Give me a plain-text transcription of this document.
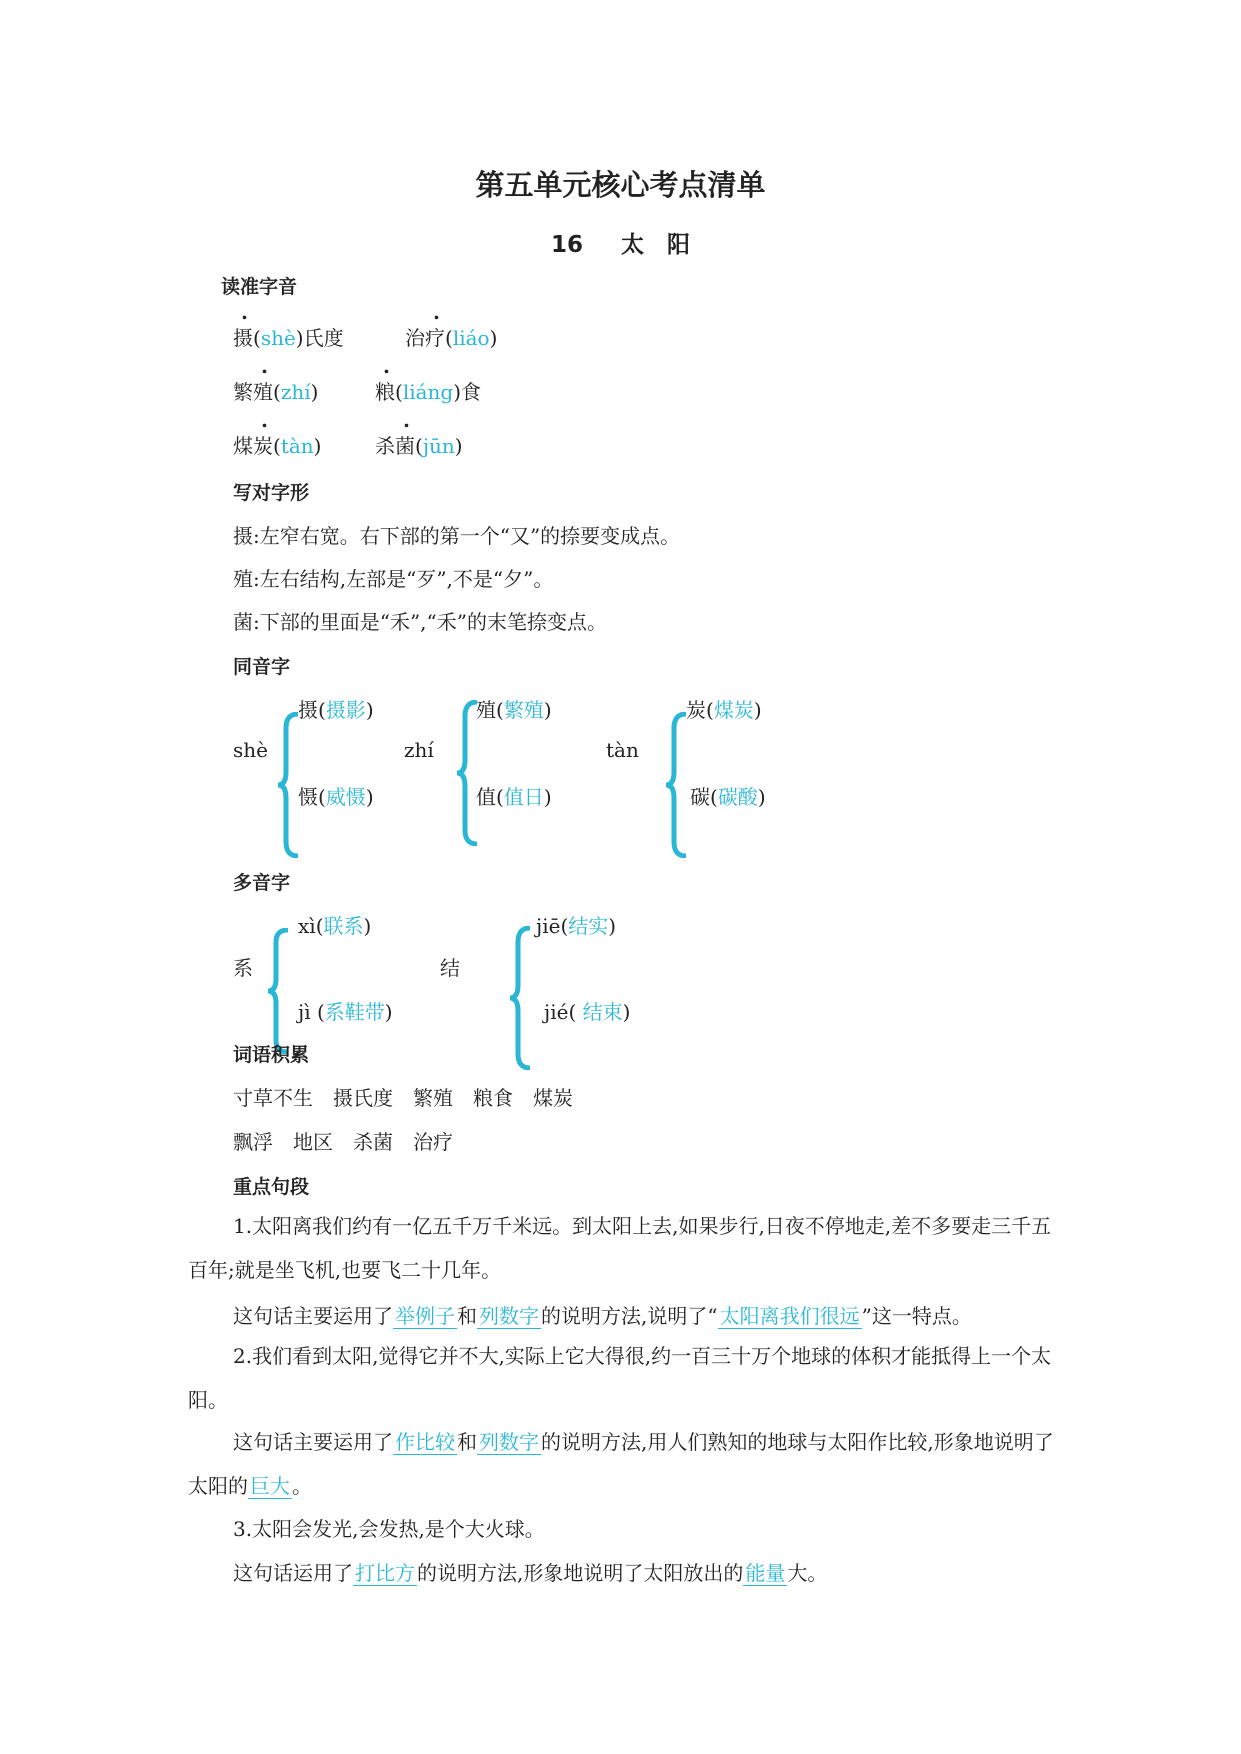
第五单元核心考点清单
16 太　阳
读准字音
摄(shè)氏度	治疗(liáo)
繁殖(zhí)	粮(liáng)食
煤炭(tàn)	杀菌(jūn)
写对字形
摄:左窄右宽。右下部的第一个“又”的捺要变成点。
殖:左右结构,左部是“歹”,不是“夕”。
菌:下部的里面是“禾”,“禾”的末笔捺变点。
同音字
shè
摄(摄影)
慑(威慑)
zhí
殖(繁殖)
值(值日)
tàn
炭(煤炭)
碳(碳酸)
多音字
系
xì(联系)
jì (系鞋带)
结
jiē(结实)
jié( 结束)
词语积累
寸草不生　摄氏度　繁殖　粮食　煤炭
飘浮　地区　杀菌　治疗
重点句段
1.太阳离我们约有一亿五千万千米远。到太阳上去,如果步行,日夜不停地走,差不多要走三千五百年;就是坐飞机,也要飞二十几年。
这句话主要运用了 举例子 和 列数字 的说明方法,说明了“ 太阳离我们很远 ”这一特点。
2.我们看到太阳,觉得它并不大,实际上它大得很,约一百三十万个地球的体积才能抵得上一个太阳。
这句话主要运用了 作比较 和 列数字 的说明方法,用人们熟知的地球与太阳作比较,形象地说明了太阳的 巨大 。
3.太阳会发光,会发热,是个大火球。
这句话运用了 打比方 的说明方法,形象地说明了太阳放出的 能量 大。
